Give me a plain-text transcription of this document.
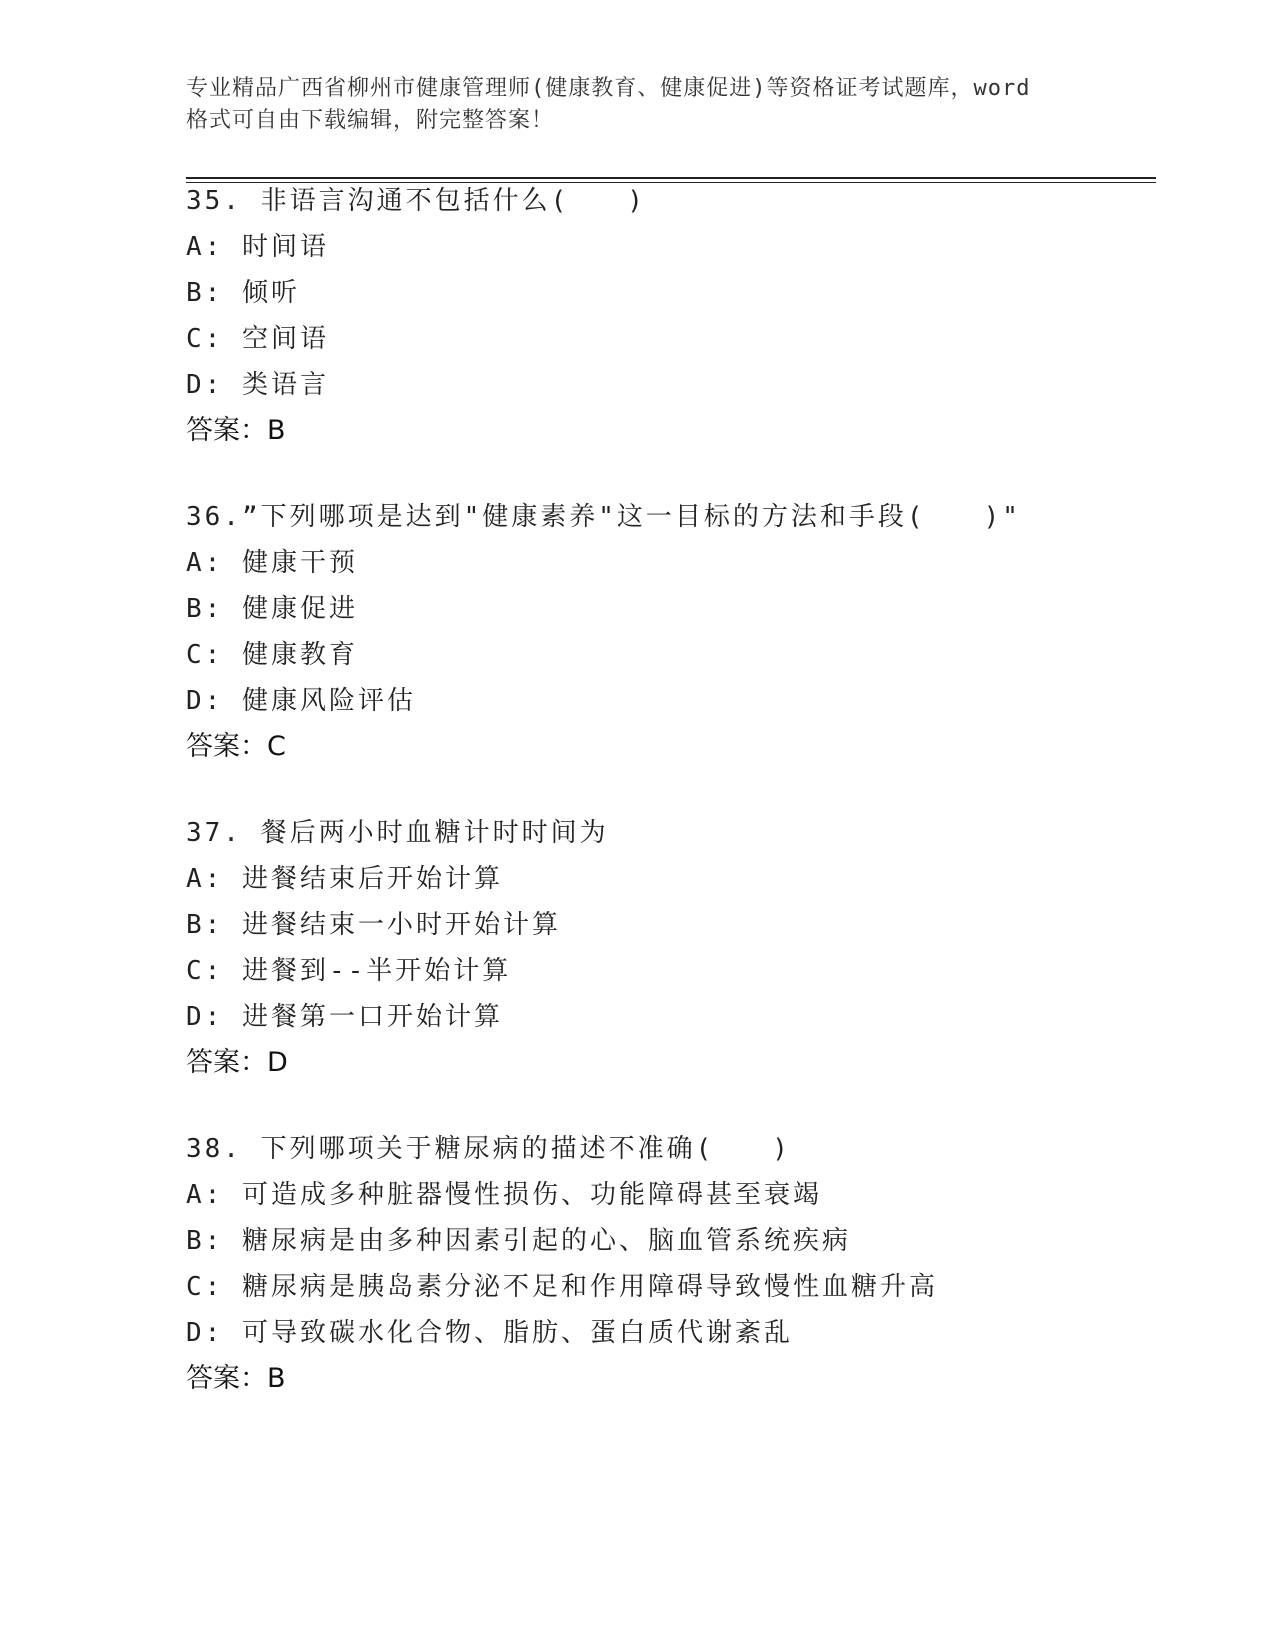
专业精品广西省柳州市健康管理师(健康教育、健康促进)等资格证考试题库，word
格式可自由下载编辑，附完整答案！
35. 非语言沟通不包括什么(　　)
A: 时间语
B: 倾听
C: 空间语
D: 类语言
答案：B
36.”下列哪项是达到"健康素养"这一目标的方法和手段(　　)"
A: 健康干预
B: 健康促进
C: 健康教育
D: 健康风险评估
答案：C
37. 餐后两小时血糖计时时间为
A: 进餐结束后开始计算
B: 进餐结束一小时开始计算
C: 进餐到--半开始计算
D: 进餐第一口开始计算
答案：D
38. 下列哪项关于糖尿病的描述不准确(　　)
A: 可造成多种脏器慢性损伤、功能障碍甚至衰竭
B: 糖尿病是由多种因素引起的心、脑血管系统疾病
C: 糖尿病是胰岛素分泌不足和作用障碍导致慢性血糖升高
D: 可导致碳水化合物、脂肪、蛋白质代谢紊乱
答案：B
